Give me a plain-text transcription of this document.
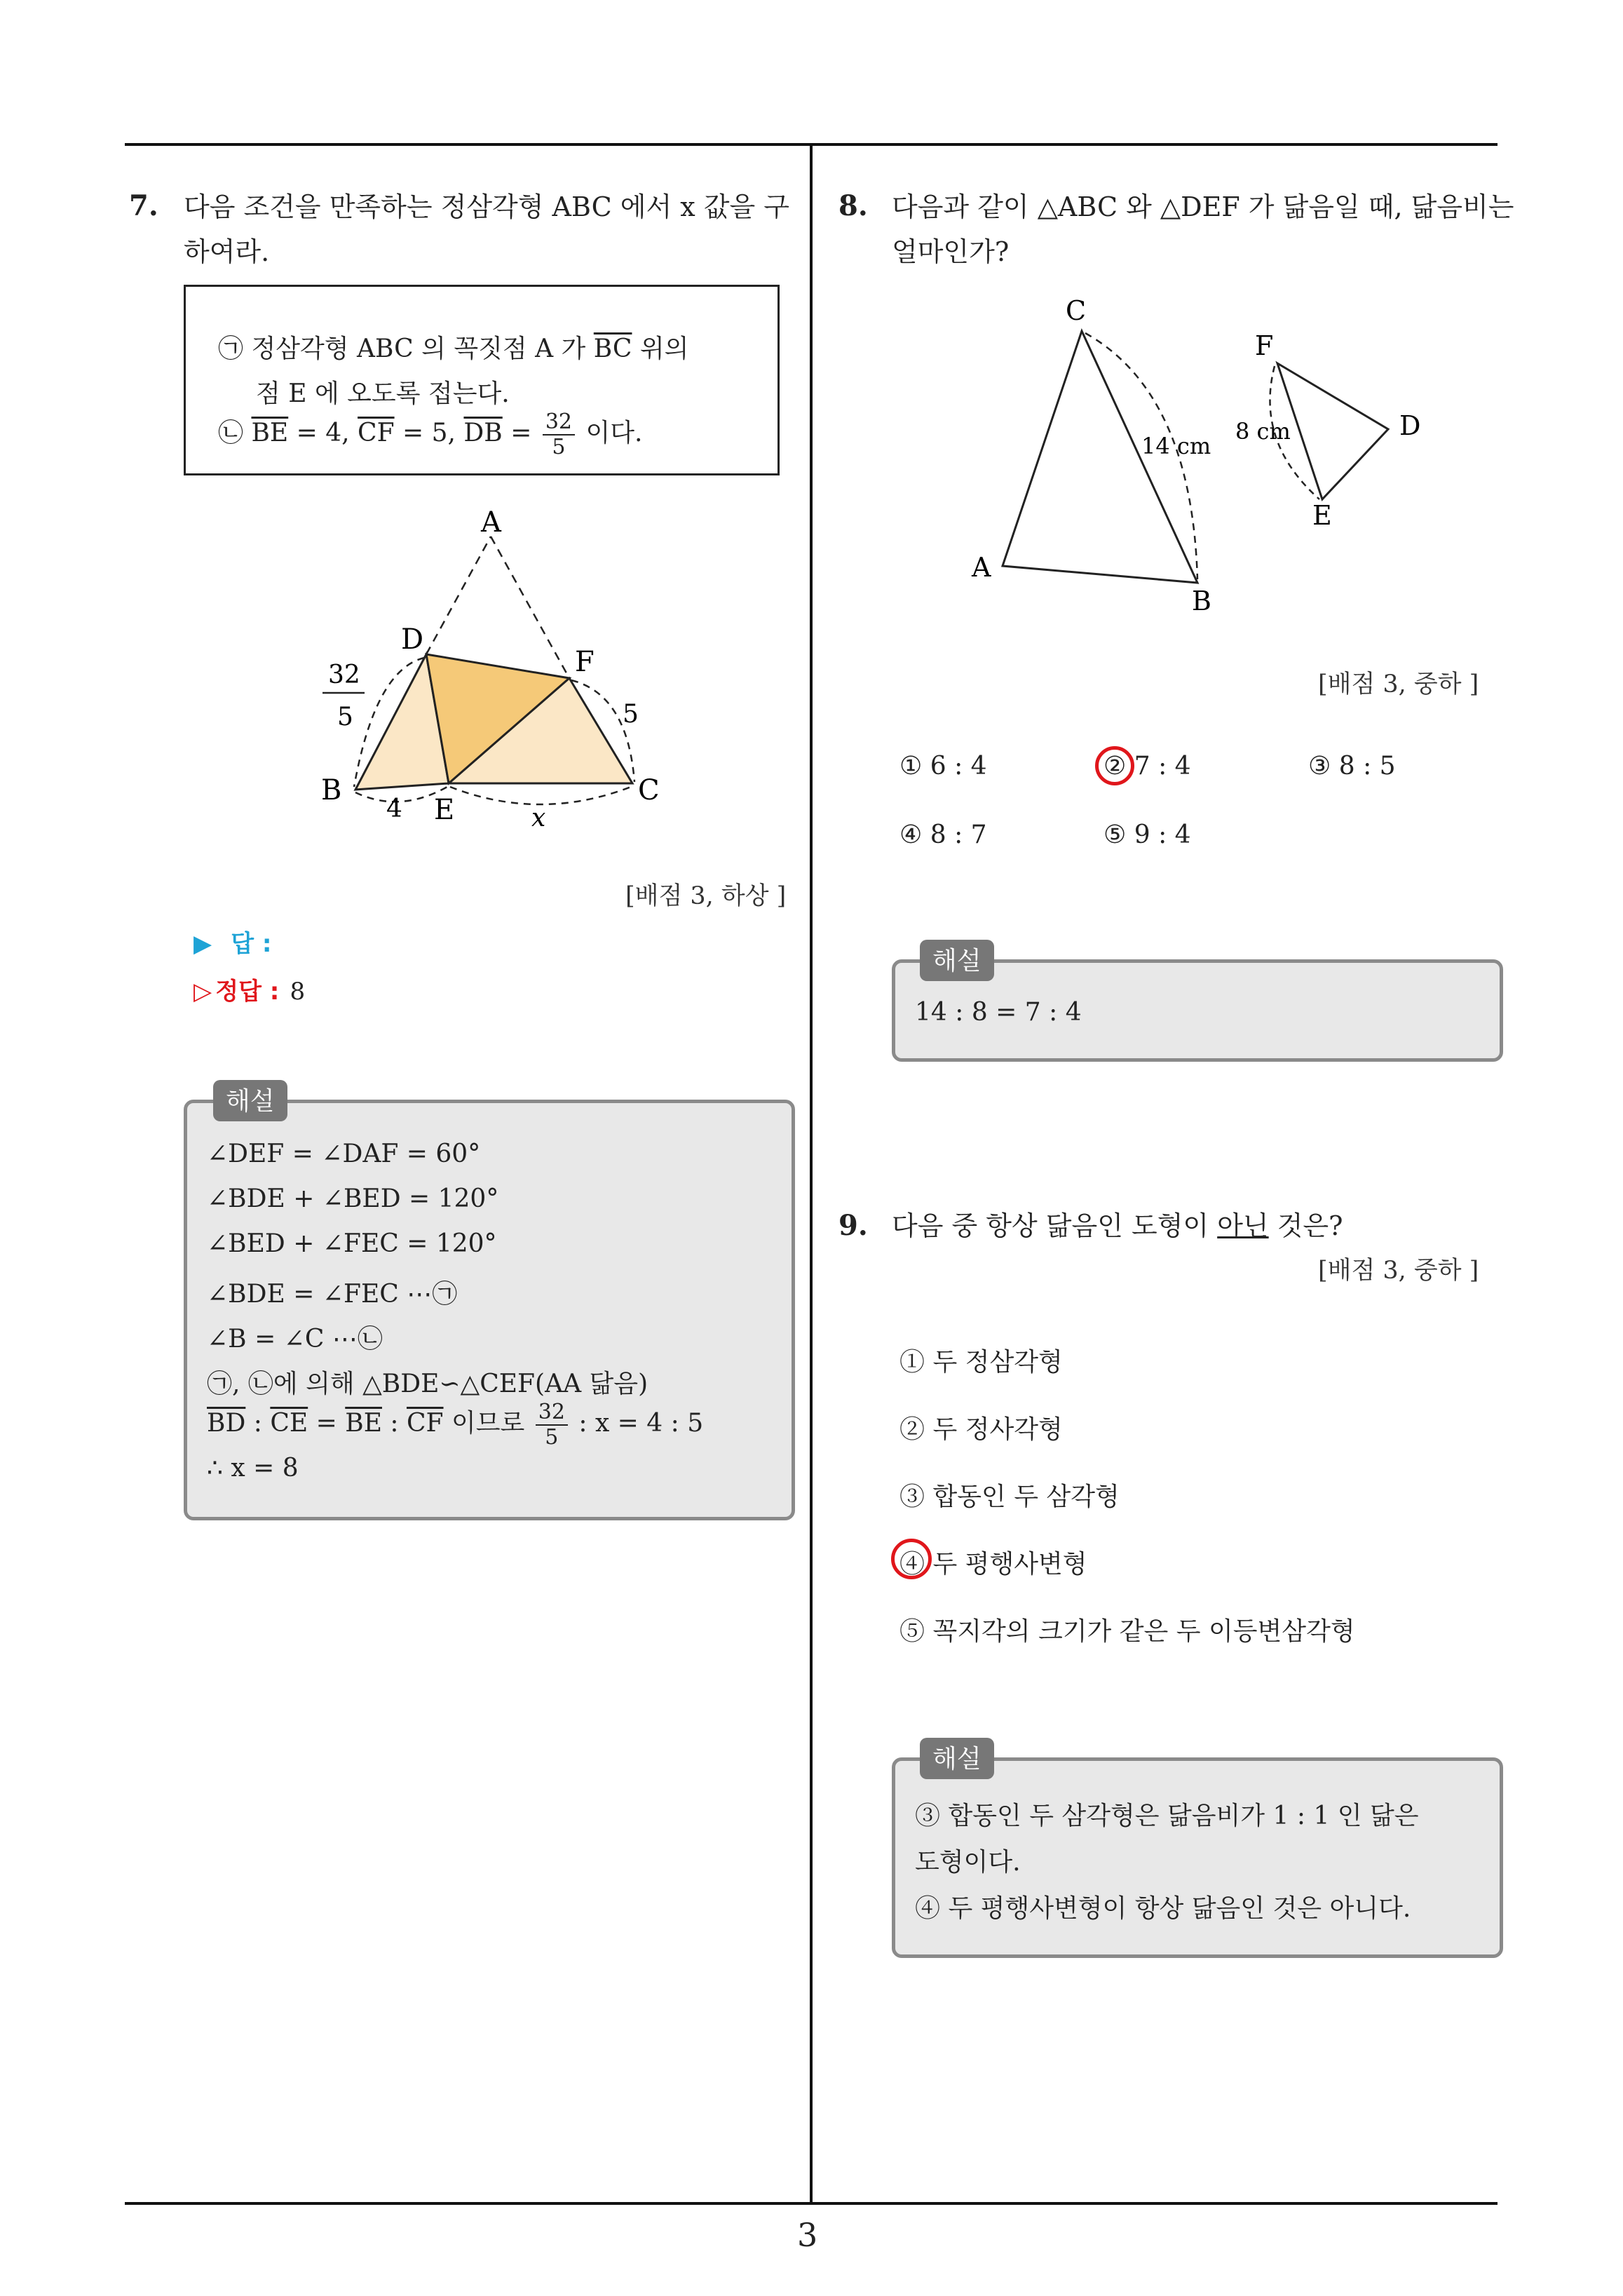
3
7. 다음 조건을 만족하는 정삼각형 ABC 에서 x 값을 구
하여라.
㉠ 정삼각형 ABC 의 꼭짓점 A 가 $\overline{BC}$ 위의
점 E 에 오도록 접는다.
㉡ $\overline{BE} = 4$, $\overline{CF} = 5$, $\overline{DB} = \frac{32}{5}$ 이다.
A
D
F
B
E
C
32
5
4
5
x
[배점 3, 하상 ]
▶ 답 :
▷ 정답 : 8
∠DEF = ∠DAF = 60°
∠BDE + ∠BED = 120°
∠BED + ∠FEC = 120°
∠BDE = ∠FEC ⋯㉠
∠B = ∠C ⋯㉡
㉠, ㉡에 의해 △BDE∽△CEF(AA 닮음)
$\overline{BD}$ : $\overline{CE} = \overline{BE}$ : $\overline{CF}$ 이므로 $\frac{32}{5}$ : x = 4 : 5
∴ x = 8
해설
8. 다음과 같이 △ABC 와 △DEF 가 닮음일 때, 닮음비는
얼마인가?
C
A
B
F
D
E
14 cm
8 cm
[배점 3, 중하 ]
① 6 : 4	② 7 : 4	③ 8 : 5
④ 8 : 7	⑤ 9 : 4
14 : 8 = 7 : 4
해설
9. 다음 중 항상 닮음인 도형이 아닌 것은?
[배점 3, 중하 ]
① 두 정삼각형
② 두 정사각형
③ 합동인 두 삼각형
④ 두 평행사변형
⑤ 꼭지각의 크기가 같은 두 이등변삼각형
③ 합동인 두 삼각형은 닮음비가 1 : 1 인 닮은
도형이다.
④ 두 평행사변형이 항상 닮음인 것은 아니다.
해설
